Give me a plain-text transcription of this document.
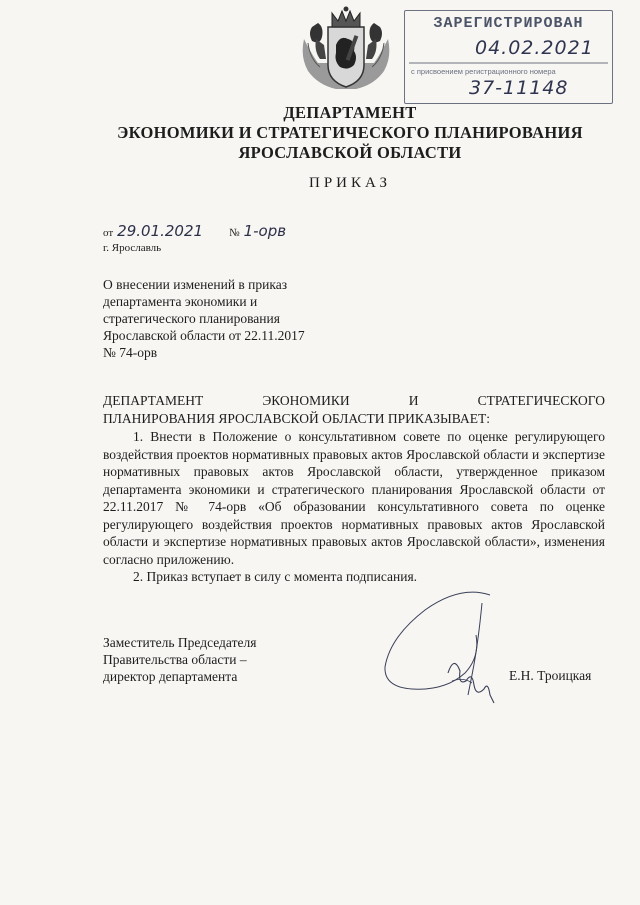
ЗАРЕГИСТРИРОВАН
04.02.2021
с присвоением регистрационного номера
37-11148
ДЕПАРТАМЕНТ
ЭКОНОМИКИ И СТРАТЕГИЧЕСКОГО ПЛАНИРОВАНИЯ
ЯРОСЛАВСКОЙ ОБЛАСТИ
ПРИКАЗ
от 29.01.2021 № 1-орв
г. Ярославль
О внесении изменений в приказ
департамента экономики и
стратегического планирования
Ярославской области от 22.11.2017
№ 74-орв
ДЕПАРТАМЕНТ	ЭКОНОМИКИ	И	СТРАТЕГИЧЕСКОГО
ПЛАНИРОВАНИЯ ЯРОСЛАВСКОЙ ОБЛАСТИ ПРИКАЗЫВАЕТ:

1. Внести в Положение о консультативном совете по оценке регулирующего воздействия проектов нормативных правовых актов Ярославской области и экспертизе нормативных правовых актов Ярославской области, утвержденное приказом департамента экономики и стратегического планирования Ярославской области от 22.11.2017 № 74-орв «Об образовании консультативного совета по оценке регулирующего воздействия проектов нормативных правовых актов Ярославской области и экспертизе нормативных правовых актов Ярославской области», изменения согласно приложению.

2. Приказ вступает в силу с момента подписания.

Заместитель Председателя
Правительства области –
директор департамента	Е.Н. Троицкая
